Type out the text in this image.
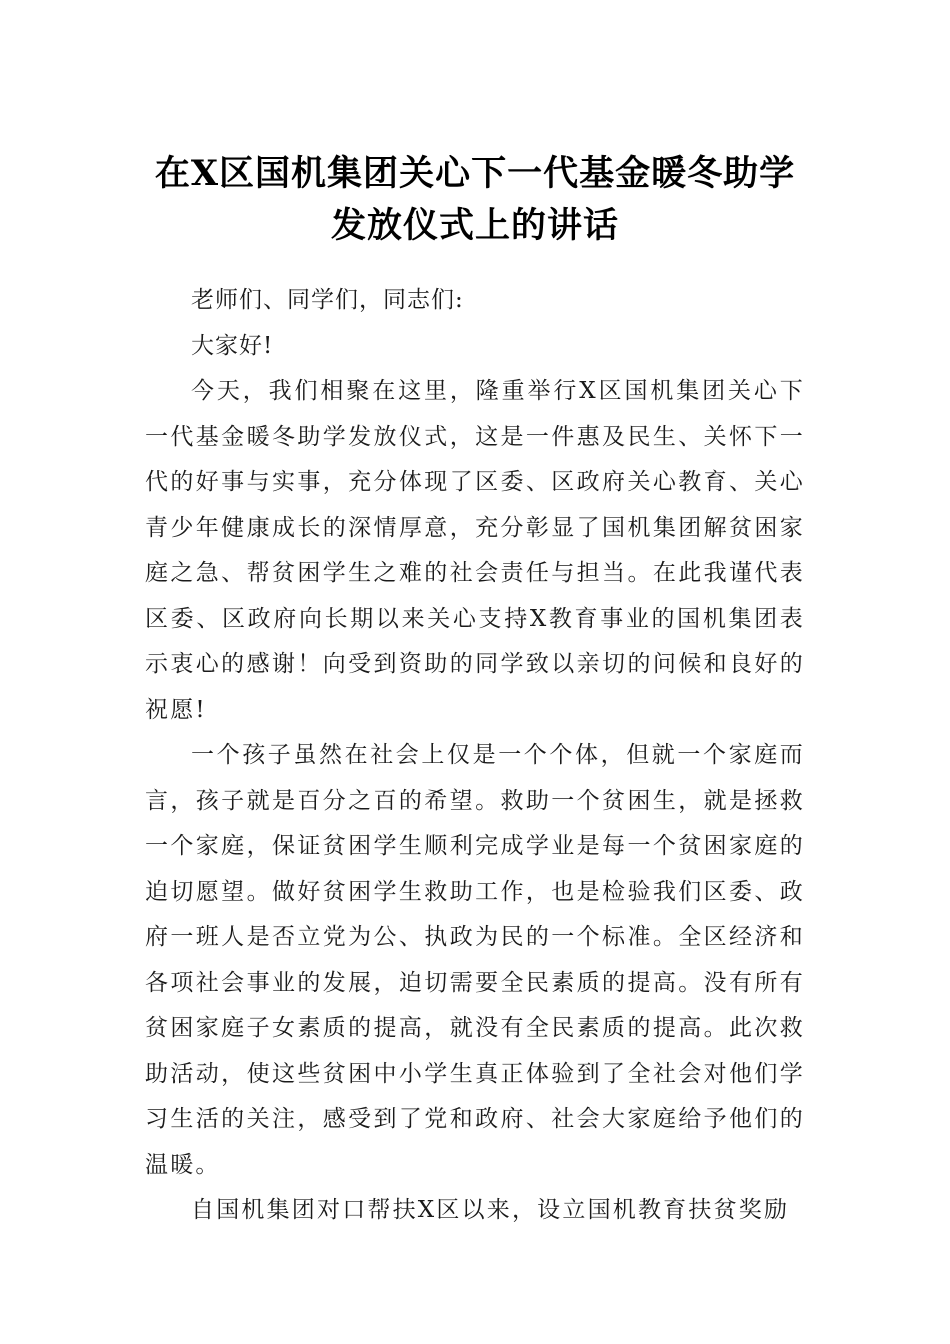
在X区国机集团关心下一代基金暖冬助学
发放仪式上的讲话

老师们、同学们，同志们:

大家好!

今天，我们相聚在这里，隆重举行X区国机集团关心下一代基金暖冬助学发放仪式，这是一件惠及民生、关怀下一代的好事与实事，充分体现了区委、区政府关心教育、关心青少年健康成长的深情厚意，充分彰显了国机集团解贫困家庭之急、帮贫困学生之难的社会责任与担当。在此我谨代表区委、区政府向长期以来关心支持X教育事业的国机集团表示衷心的感谢！向受到资助的同学致以亲切的问候和良好的祝愿!

一个孩子虽然在社会上仅是一个个体，但就一个家庭而言，孩子就是百分之百的希望。救助一个贫困生，就是拯救一个家庭，保证贫困学生顺利完成学业是每一个贫困家庭的迫切愿望。做好贫困学生救助工作，也是检验我们区委、政府一班人是否立党为公、执政为民的一个标准。全区经济和各项社会事业的发展，迫切需要全民素质的提高。没有所有贫困家庭子女素质的提高，就没有全民素质的提高。此次救助活动，使这些贫困中小学生真正体验到了全社会对他们学习生活的关注，感受到了党和政府、社会大家庭给予他们的温暖。

自国机集团对口帮扶X区以来，设立国机教育扶贫奖励
